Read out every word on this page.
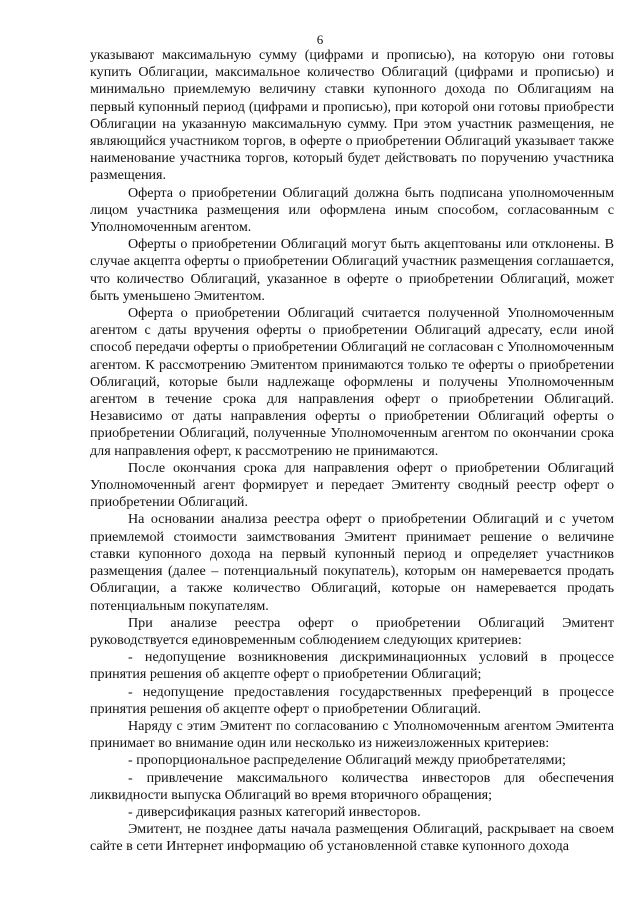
6

указывают максимальную сумму (цифрами и прописью), на которую они готовы купить Облигации, максимальное количество Облигаций (цифрами и прописью) и минимально приемлемую величину ставки купонного дохода по Облигациям на первый купонный период (цифрами и прописью), при которой они готовы приобрести Облигации на указанную максимальную сумму. При этом участник размещения, не являющийся участником торгов, в оферте о приобретении Облигаций указывает также наименование участника торгов, который будет действовать по поручению участника размещения.

Оферта о приобретении Облигаций должна быть подписана уполномоченным лицом участника размещения или оформлена иным способом, согласованным с Уполномоченным агентом.

Оферты о приобретении Облигаций могут быть акцептованы или отклонены. В случае акцепта оферты о приобретении Облигаций участник размещения соглашается, что количество Облигаций, указанное в оферте о приобретении Облигаций, может быть уменьшено Эмитентом.

Оферта о приобретении Облигаций считается полученной Уполномоченным агентом с даты вручения оферты о приобретении Облигаций адресату, если иной способ передачи оферты о приобретении Облигаций не согласован с Уполномоченным агентом. К рассмотрению Эмитентом принимаются только те оферты о приобретении Облигаций, которые были надлежаще оформлены и получены Уполномоченным агентом в течение срока для направления оферт о приобретении Облигаций. Независимо от даты направления оферты о приобретении Облигаций оферты о приобретении Облигаций, полученные Уполномоченным агентом по окончании срока для направления оферт, к рассмотрению не принимаются.

После окончания срока для направления оферт о приобретении Облигаций Уполномоченный агент формирует и передает Эмитенту сводный реестр оферт о приобретении Облигаций.

На основании анализа реестра оферт о приобретении Облигаций и с учетом приемлемой стоимости заимствования Эмитент принимает решение о величине ставки купонного дохода на первый купонный период и определяет участников размещения (далее – потенциальный покупатель), которым он намеревается продать Облигации, а также количество Облигаций, которые он намеревается продать потенциальным покупателям.

При анализе реестра оферт о приобретении Облигаций Эмитент руководствуется единовременным соблюдением следующих критериев:

- недопущение возникновения дискриминационных условий в процессе принятия решения об акцепте оферт о приобретении Облигаций;

- недопущение предоставления государственных преференций в процессе принятия решения об акцепте оферт о приобретении Облигаций.

Наряду с этим Эмитент по согласованию с Уполномоченным агентом Эмитента принимает во внимание один или несколько из нижеизложенных критериев:

- пропорциональное распределение Облигаций между приобретателями;

- привлечение максимального количества инвесторов для обеспечения ликвидности выпуска Облигаций во время вторичного обращения;

- диверсификация разных категорий инвесторов.

Эмитент, не позднее даты начала размещения Облигаций, раскрывает на своем сайте в сети Интернет информацию об установленной ставке купонного дохода
